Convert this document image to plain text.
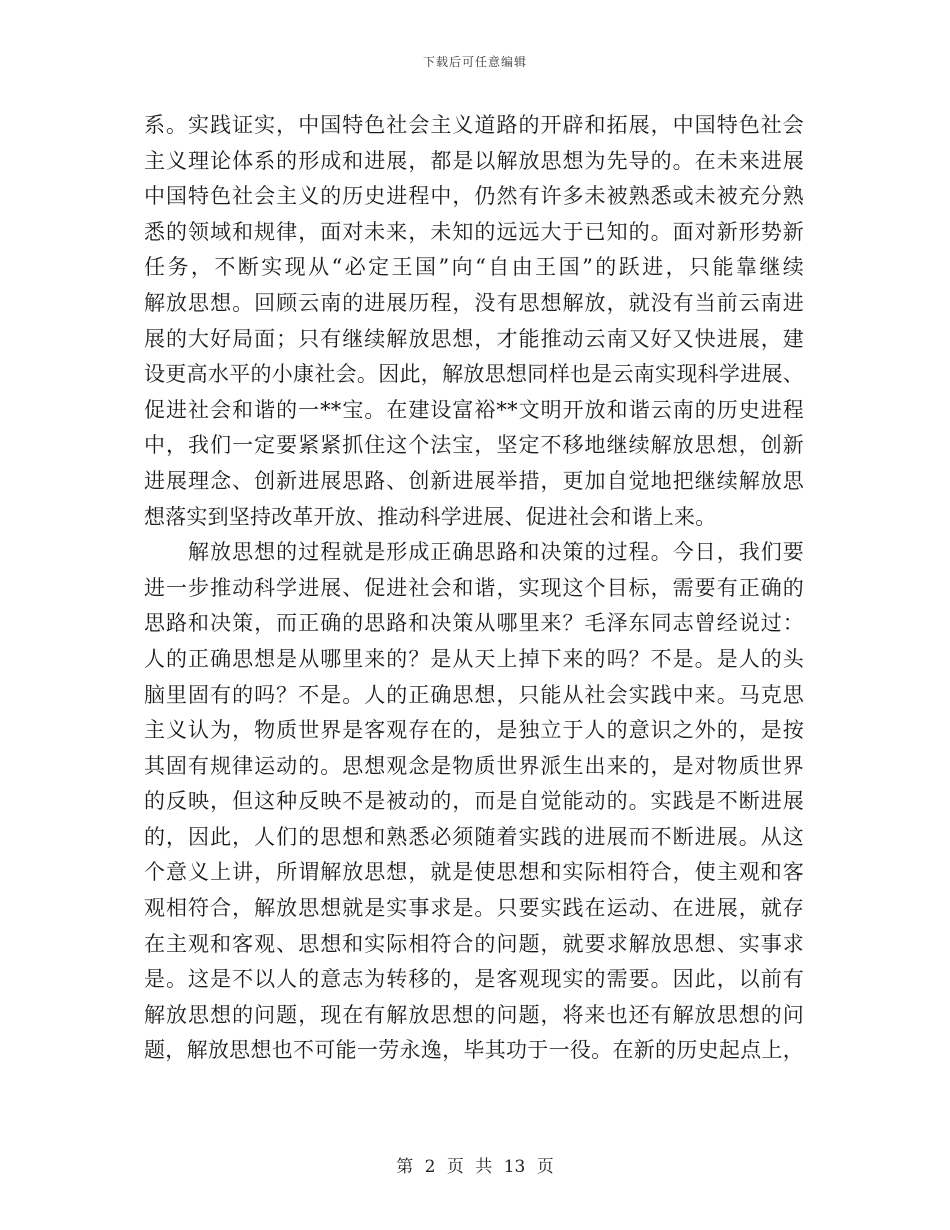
下载后可任意编辑
系。实践证实，中国特色社会主义道路的开辟和拓展，中国特色社会
主义理论体系的形成和进展，都是以解放思想为先导的。在未来进展
中国特色社会主义的历史进程中，仍然有许多未被熟悉或未被充分熟
悉的领域和规律，面对未来，未知的远远大于已知的。面对新形势新
任务，不断实现从“必定王国”向“自由王国”的跃进，只能靠继续
解放思想。回顾云南的进展历程，没有思想解放，就没有当前云南进
展的大好局面；只有继续解放思想，才能推动云南又好又快进展，建
设更高水平的小康社会。因此，解放思想同样也是云南实现科学进展、
促进社会和谐的一**宝。在建设富裕**文明开放和谐云南的历史进程
中，我们一定要紧紧抓住这个法宝，坚定不移地继续解放思想，创新
进展理念、创新进展思路、创新进展举措，更加自觉地把继续解放思
想落实到坚持改革开放、推动科学进展、促进社会和谐上来。
　　解放思想的过程就是形成正确思路和决策的过程。今日，我们要
进一步推动科学进展、促进社会和谐，实现这个目标，需要有正确的
思路和决策，而正确的思路和决策从哪里来？毛泽东同志曾经说过：
人的正确思想是从哪里来的？是从天上掉下来的吗？不是。是人的头
脑里固有的吗？不是。人的正确思想，只能从社会实践中来。马克思
主义认为，物质世界是客观存在的，是独立于人的意识之外的，是按
其固有规律运动的。思想观念是物质世界派生出来的，是对物质世界
的反映，但这种反映不是被动的，而是自觉能动的。实践是不断进展
的，因此，人们的思想和熟悉必须随着实践的进展而不断进展。从这
个意义上讲，所谓解放思想，就是使思想和实际相符合，使主观和客
观相符合，解放思想就是实事求是。只要实践在运动、在进展，就存
在主观和客观、思想和实际相符合的问题，就要求解放思想、实事求
是。这是不以人的意志为转移的，是客观现实的需要。因此，以前有
解放思想的问题，现在有解放思想的问题，将来也还有解放思想的问
题，解放思想也不可能一劳永逸，毕其功于一役。在新的历史起点上，
第 2 页 共 13 页
